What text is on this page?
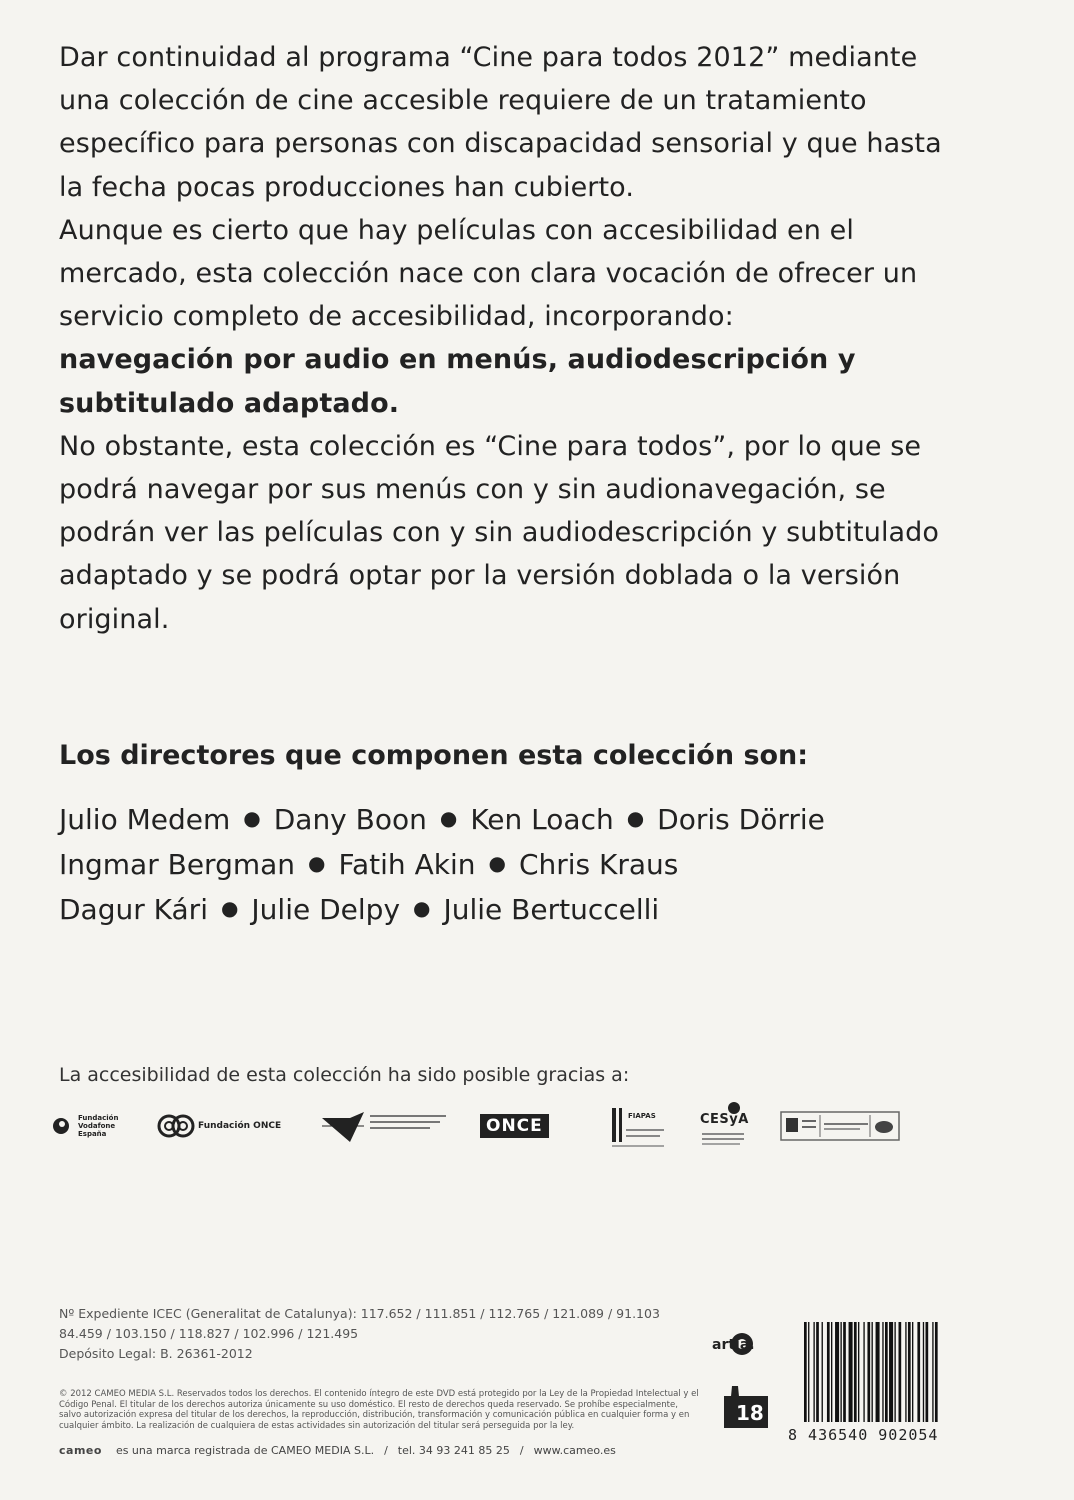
Dar continuidad al programa “Cine para todos 2012” mediante una colección de cine accesible requiere de un tratamiento específico para personas con discapacidad sensorial y que hasta la fecha pocas producciones han cubierto.

Aunque es cierto que hay películas con accesibilidad en el mercado, esta colección nace con clara vocación de ofrecer un servicio completo de accesibilidad, incorporando:

navegación por audio en menús, audiodescripción y subtitulado adaptado.

No obstante, esta colección es “Cine para todos”, por lo que se podrá navegar por sus menús con y sin audionavegación, se podrán ver las películas con y sin audiodescripción y subtitulado adaptado y se podrá optar por la versión doblada o la versión original.

Los directores que componen esta colección son:
Julio Medem ● Dany Boon ● Ken Loach ● Doris Dörrie
Ingmar Bergman ● Fatih Akin ● Chris Kraus
Dagur Kári ● Julie Delpy ● Julie Bertuccelli
La accesibilidad de esta colección ha sido posible gracias a:
Fundación
Vodafone
España
Fundación ONCE	ONCE	FIAPAS	CESyA
Nº Expediente ICEC (Generalitat de Catalunya): 117.652 / 111.851 / 112.765 / 121.089 / 91.103
84.459 / 103.150 / 118.827 / 102.996 / 121.495
Depósito Legal: B. 26361-2012
© 2012 CAMEO MEDIA S.L. Reservados todos los derechos. El contenido íntegro de este DVD está protegido por la Ley de la Propiedad Intelectual y el Código Penal. El titular de los derechos autoriza únicamente su uso doméstico. El resto de derechos queda reservado. Se prohíbe especialmente, salvo autorización expresa del titular de los derechos, la reproducción, distribución, transformación y comunicación pública en cualquier forma y en cualquier ámbito. La realización de cualquiera de estas actividades sin autorización del titular será perseguida por la ley.
cameo es una marca registrada de CAMEO MEDIA S.L. / tel. 34 93 241 85 25 / www.cameo.es
artia.
18
8 436540 902054
